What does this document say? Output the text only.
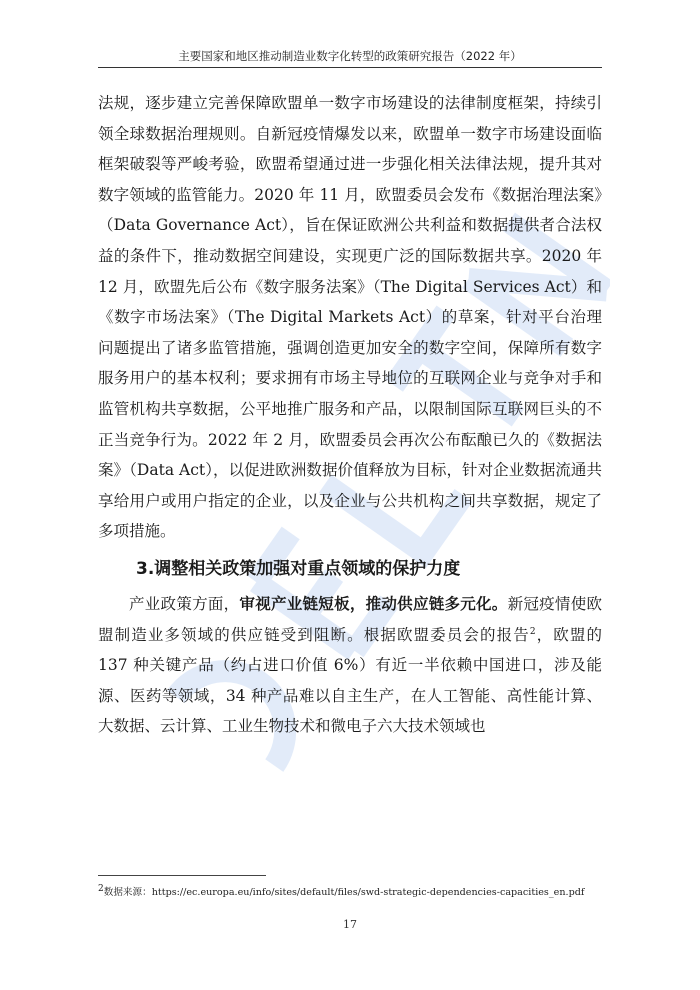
主要国家和地区推动制造业数字化转型的政策研究报告（2022 年）

法规，逐步建立完善保障欧盟单一数字市场建设的法律制度框架，持续引领全球数据治理规则。自新冠疫情爆发以来，欧盟单一数字市场建设面临框架破裂等严峻考验，欧盟希望通过进一步强化相关法律法规，提升其对数字领域的监管能力。2020 年 11 月，欧盟委员会发布《数据治理法案》（Data Governance Act），旨在保证欧洲公共利益和数据提供者合法权益的条件下，推动数据空间建设，实现更广泛的国际数据共享。2020 年 12 月，欧盟先后公布《数字服务法案》（The Digital Services Act）和《数字市场法案》（The Digital Markets Act）的草案，针对平台治理问题提出了诸多监管措施，强调创造更加安全的数字空间，保障所有数字服务用户的基本权利；要求拥有市场主导地位的互联网企业与竞争对手和监管机构共享数据，公平地推广服务和产品，以限制国际互联网巨头的不正当竞争行为。2022 年 2 月，欧盟委员会再次公布酝酿已久的《数据法案》（Data Act），以促进欧洲数据价值释放为目标，针对企业数据流通共享给用户或用户指定的企业，以及企业与公共机构之间共享数据，规定了多项措施。

3.调整相关政策加强对重点领域的保护力度

产业政策方面，审视产业链短板，推动供应链多元化。新冠疫情使欧盟制造业多领域的供应链受到阻断。根据欧盟委员会的报告$^2$，欧盟的 137 种关键产品（约占进口价值 6%）有近一半依赖中国进口，涉及能源、医药等领域，34 种产品难以自主生产，在人工智能、高性能计算、大数据、云计算、工业生物技术和微电子六大技术领域也

$^2$数据来源：https://ec.europa.eu/info/sites/default/files/swd-strategic-dependencies-capacities_en.pdf
17
